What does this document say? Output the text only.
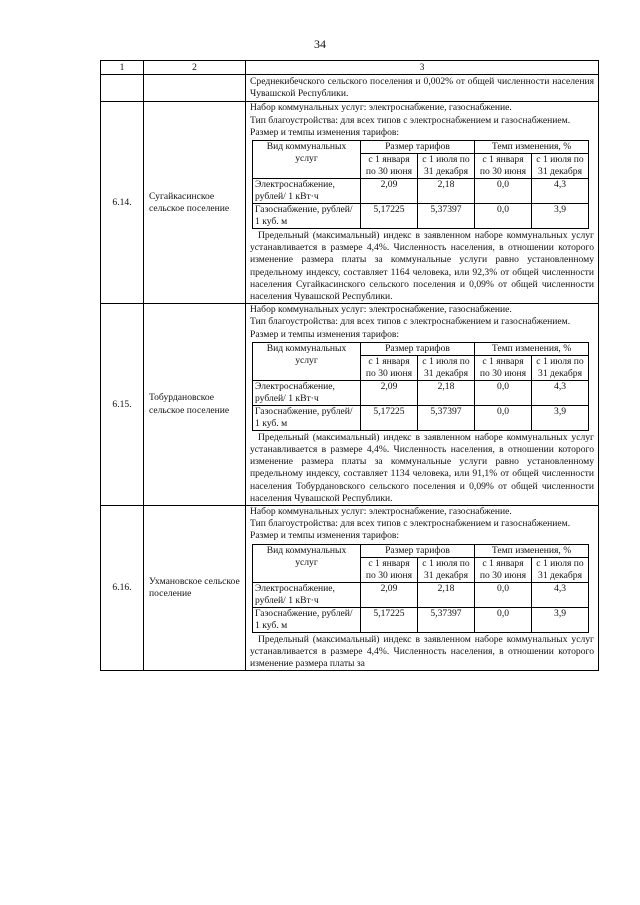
34
1	2	3
		Среднекибечского сельского поселения и 0,002% от общей численности населения Чувашской Республики.
6.14.	Сугайкасинское сельское поселение	
Набор коммунальных услуг: электроснабжение, газоснабжение.
Тип благоустройства: для всех типов с электроснабжением и газоснабжением.
Размер и темпы изменения тарифов:
Вид коммунальных услуг	Размер тарифов	Темп изменения, %
с 1 января по 30 июня	с 1 июля по 31 декабря	с 1 января по 30 июня	с 1 июля по 31 декабря
Электроснабжение, рублей/ 1 кВт·ч	2,09	2,18	0,0	4,3
Газоснабжение, рублей/ 1 куб. м	5,17225	5,37397	0,0	3,9
Предельный (максимальный) индекс в заявленном наборе коммунальных услуг устанавливается в размере 4,4%. Численность населения, в отношении которого изменение размера платы за коммунальные услуги равно установленному предельному индексу, составляет 1164 человека, или 92,3% от общей численности населения Сугайкасинского сельского поселения и 0,09% от общей численности населения Чувашской Республики.

6.15.	Тобурдановское сельское поселение	
Набор коммунальных услуг: электроснабжение, газоснабжение.
Тип благоустройства: для всех типов с электроснабжением и газоснабжением.
Размер и темпы изменения тарифов:
Вид коммунальных услуг	Размер тарифов	Темп изменения, %
с 1 января по 30 июня	с 1 июля по 31 декабря	с 1 января по 30 июня	с 1 июля по 31 декабря
Электроснабжение, рублей/ 1 кВт·ч	2,09	2,18	0,0	4,3
Газоснабжение, рублей/ 1 куб. м	5,17225	5,37397	0,0	3,9
Предельный (максимальный) индекс в заявленном наборе коммунальных услуг устанавливается в размере 4,4%. Численность населения, в отношении которого изменение размера платы за коммунальные услуги равно установленному предельному индексу, составляет 1134 человека, или 91,1% от общей численности населения Тобурдановского сельского поселения и 0,09% от общей численности населения Чувашской Республики.

6.16.	Ухмановское сельское поселение	
Набор коммунальных услуг: электроснабжение, газоснабжение.
Тип благоустройства: для всех типов с электроснабжением и газоснабжением.
Размер и темпы изменения тарифов:
Вид коммунальных услуг	Размер тарифов	Темп изменения, %
с 1 января по 30 июня	с 1 июля по 31 декабря	с 1 января по 30 июня	с 1 июля по 31 декабря
Электроснабжение, рублей/ 1 кВт·ч	2,09	2,18	0,0	4,3
Газоснабжение, рублей/ 1 куб. м	5,17225	5,37397	0,0	3,9
Предельный (максимальный) индекс в заявленном наборе коммунальных услуг устанавливается в размере 4,4%. Численность населения, в отношении которого изменение размера платы за
